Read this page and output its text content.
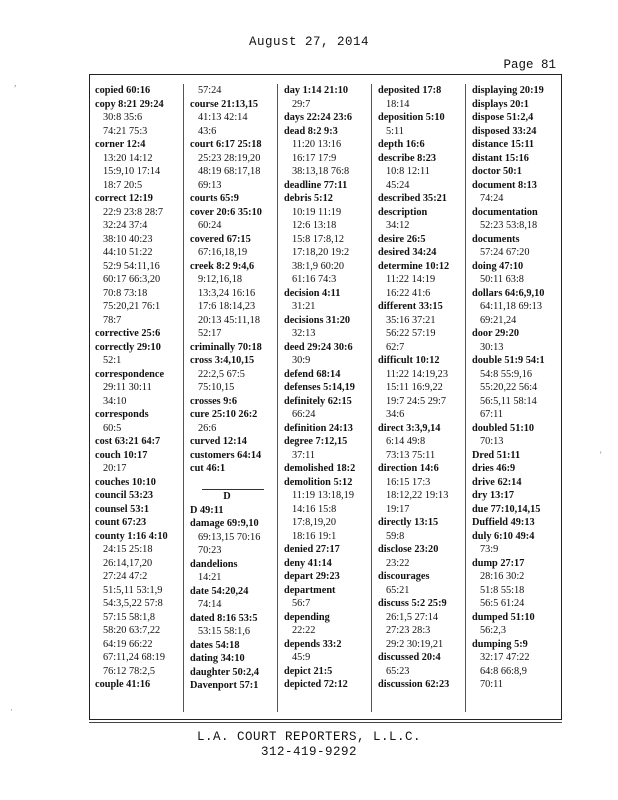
August 27, 2014
Page 81
copied 60:16
copy 8:21 29:24
30:8 35:6
74:21 75:3
corner 12:4
13:20 14:12
15:9,10 17:14
18:7 20:5
correct 12:19
22:9 23:8 28:7
32:24 37:4
38:10 40:23
44:10 51:22
52:9 54:11,16
60:17 66:3,20
70:8 73:18
75:20,21 76:1
78:7
corrective 25:6
correctly 29:10
52:1
correspondence
29:11 30:11
34:10
corresponds
60:5
cost 63:21 64:7
couch 10:17
20:17
couches 10:10
council 53:23
counsel 53:1
count 67:23
county 1:16 4:10
24:15 25:18
26:14,17,20
27:24 47:2
51:5,11 53:1,9
54:3,5,22 57:8
57:15 58:1,8
58:20 63:7,22
64:19 66:22
67:11,24 68:19
76:12 78:2,5
couple 41:16
57:24
course 21:13,15
41:13 42:14
43:6
court 6:17 25:18
25:23 28:19,20
48:19 68:17,18
69:13
courts 65:9
cover 20:6 35:10
60:24
covered 67:15
67:16,18,19
creek 8:2 9:4,6
9:12,16,18
13:3,24 16:16
17:6 18:14,23
20:13 45:11,18
52:17
criminally 70:18
cross 3:4,10,15
22:2,5 67:5
75:10,15
crosses 9:6
cure 25:10 26:2
26:6
curved 12:14
customers 64:14
cut 46:1
D
D 49:11
damage 69:9,10
69:13,15 70:16
70:23
dandelions
14:21
date 54:20,24
74:14
dated 8:16 53:5
53:15 58:1,6
dates 54:18
dating 34:10
daughter 50:2,4
Davenport 57:1
day 1:14 21:10
29:7
days 22:24 23:6
dead 8:2 9:3
11:20 13:16
16:17 17:9
38:13,18 76:8
deadline 77:11
debris 5:12
10:19 11:19
12:6 13:18
15:8 17:8,12
17:18,20 19:2
38:1,9 60:20
61:16 74:3
decision 4:11
31:21
decisions 31:20
32:13
deed 29:24 30:6
30:9
defend 68:14
defenses 5:14,19
definitely 62:15
66:24
definition 24:13
degree 7:12,15
37:11
demolished 18:2
demolition 5:12
11:19 13:18,19
14:16 15:8
17:8,19,20
18:16 19:1
denied 27:17
deny 41:14
depart 29:23
department
56:7
depending
22:22
depends 33:2
45:9
depict 21:5
depicted 72:12
deposited 17:8
18:14
deposition 5:10
5:11
depth 16:6
describe 8:23
10:8 12:11
45:24
described 35:21
description
34:12
desire 26:5
desired 34:24
determine 10:12
11:22 14:19
16:22 41:6
different 33:15
35:16 37:21
56:22 57:19
62:7
difficult 10:12
11:22 14:19,23
15:11 16:9,22
19:7 24:5 29:7
34:6
direct 3:3,9,14
6:14 49:8
73:13 75:11
direction 14:6
16:15 17:3
18:12,22 19:13
19:17
directly 13:15
59:8
disclose 23:20
23:22
discourages
65:21
discuss 5:2 25:9
26:1,5 27:14
27:23 28:3
29:2 30:19,21
discussed 20:4
65:23
discussion 62:23
displaying 20:19
displays 20:1
dispose 51:2,4
disposed 33:24
distance 15:11
distant 15:16
doctor 50:1
document 8:13
74:24
documentation
52:23 53:8,18
documents
57:24 67:20
doing 47:10
50:11 63:8
dollars 64:6,9,10
64:11,18 69:13
69:21,24
door 29:20
30:13
double 51:9 54:1
54:8 55:9,16
55:20,22 56:4
56:5,11 58:14
67:11
doubled 51:10
70:13
Dred 51:11
dries 46:9
drive 62:14
dry 13:17
due 77:10,14,15
Duffield 49:13
duly 6:10 49:4
73:9
dump 27:17
28:16 30:2
51:8 55:18
56:5 61:24
dumped 51:10
56:2,3
dumping 5:9
32:17 47:22
64:8 66:8,9
70:11
L.A. COURT REPORTERS, L.L.C.
312-419-9292
,
·
'
